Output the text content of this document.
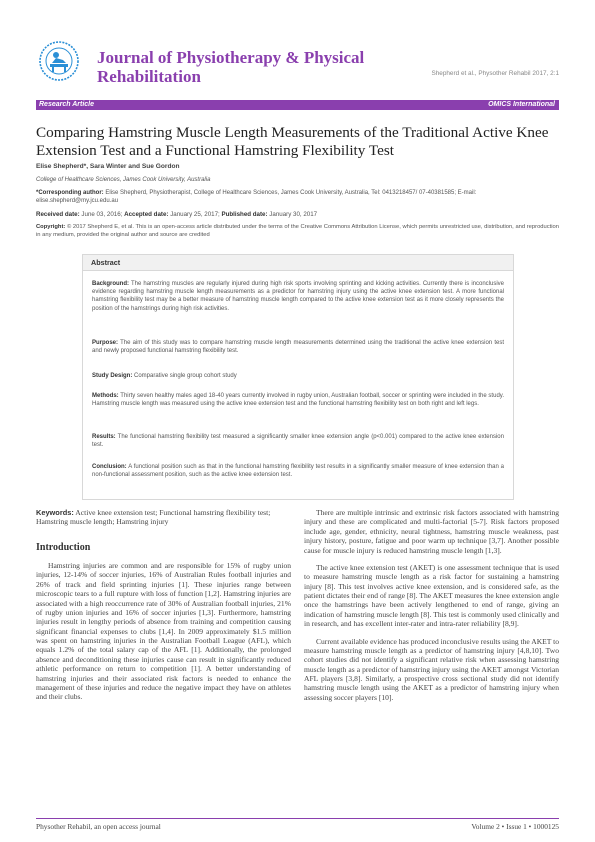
Journal of Physiotherapy & Physical Rehabilitation	Shepherd et al., Physother Rehabil 2017, 2:1
Research Article	OMICS International
Comparing Hamstring Muscle Length Measurements of the Traditional Active Knee Extension Test and a Functional Hamstring Flexibility Test
Elise Shepherd*, Sara Winter and Sue Gordon
College of Healthcare Sciences, James Cook University, Australia
*Corresponding author: Elise Shepherd, Physiotherapist, College of Healthcare Sciences, James Cook University, Australia, Tel: 0413218457/ 07-40381585; E-mail: elise.shepherd@my.jcu.edu.au
Received date: June 03, 2016; Accepted date: January 25, 2017; Published date: January 30, 2017
Copyright: © 2017 Shepherd E, et al. This is an open-access article distributed under the terms of the Creative Commons Attribution License, which permits unrestricted use, distribution, and reproduction in any medium, provided the original author and source are credited
Abstract
Background: The hamstring muscles are regularly injured during high risk sports involving sprinting and kicking activities. Currently there is inconclusive evidence regarding hamstring muscle length measurements as a predictor for hamstring injury using the active knee extension test. A more functional hamstring flexibility test may be a better measure of hamstring muscle length compared to the active knee extension test as it more closely represents the position of the hamstrings during high risk activities.
Purpose: The aim of this study was to compare hamstring muscle length measurements determined using the traditional the active knee extension test and newly proposed functional hamstring flexibility test.
Study Design: Comparative single group cohort study
Methods: Thirty seven healthy males aged 18-40 years currently involved in rugby union, Australian football, soccer or sprinting were included in the study. Hamstring muscle length was measured using the active knee extension test and the functional hamstring flexibility test on both right and left legs.
Results: The functional hamstring flexibility test measured a significantly smaller knee extension angle (p<0.001) compared to the active knee extension test.
Conclusion: A functional position such as that in the functional hamstring flexibility test results in a significantly smaller measure of knee extension than a non-functional assessment position, such as the active knee extension test.
Keywords: Active knee extension test; Functional hamstring flexibility test; Hamstring muscle length; Hamstring injury
Introduction

Hamstring injuries are common and are responsible for 15% of rugby union injuries, 12-14% of soccer injuries, 16% of Australian Rules football injuries and 26% of track and field sprinting injuries [1]. These injuries range between microscopic tears to a full rupture with loss of function [1,2]. Hamstring injuries are associated with a high reoccurrence rate of 30% of Australian football injuries, 21% of rugby union injuries and 16% of soccer injuries [1,3]. Furthermore, hamstring injuries result in lengthy periods of absence from training and competition causing significant financial expenses to clubs [1,4]. In 2009 approximately $1.5 million was spent on hamstring injuries in the Australian Football League (AFL), which equals 1.2% of the total salary cap of the AFL [1]. Additionally, the prolonged absence and deconditioning these injuries cause can result in significantly reduced athletic performance on return to competition [1]. A better understanding of hamstring injuries and their associated risk factors is needed to enhance the management of these injuries and reduce the negative impact they have on athletes and their clubs.

There are multiple intrinsic and extrinsic risk factors associated with hamstring injury and these are complicated and multi-factorial [5-7]. Risk factors proposed include age, gender, ethnicity, neural tightness, hamstring muscle weakness, past injury history, posture, fatigue and poor warm up technique [3,7]. Another possible cause for muscle injury is reduced hamstring muscle length [1,3].

The active knee extension test (AKET) is one assessment technique that is used to measure hamstring muscle length as a risk factor for sustaining a hamstring injury [8]. This test involves active knee extension, and is considered safe, as the patient dictates their end of range [8]. The AKET measures the knee extension angle once the hamstrings have been actively lengthened to end of range, giving an indication of hamstring muscle length [8]. This test is commonly used clinically and in research, and has excellent inter-rater and intra-rater reliability [8,9].

Current available evidence has produced inconclusive results using the AKET to measure hamstring muscle length as a predictor of hamstring injury [4,8,10]. Two cohort studies did not identify a significant relative risk when assessing hamstring muscle length as a predictor of hamstring injury using the AKET amongst Victorian AFL players [3,8]. Similarly, a prospective cross sectional study did not identify hamstring muscle length using the AKET as a predictor of hamstring injury when assessing soccer players [10].

Physother Rehabil, an open access journal	Volume 2 • Issue 1 • 1000125
